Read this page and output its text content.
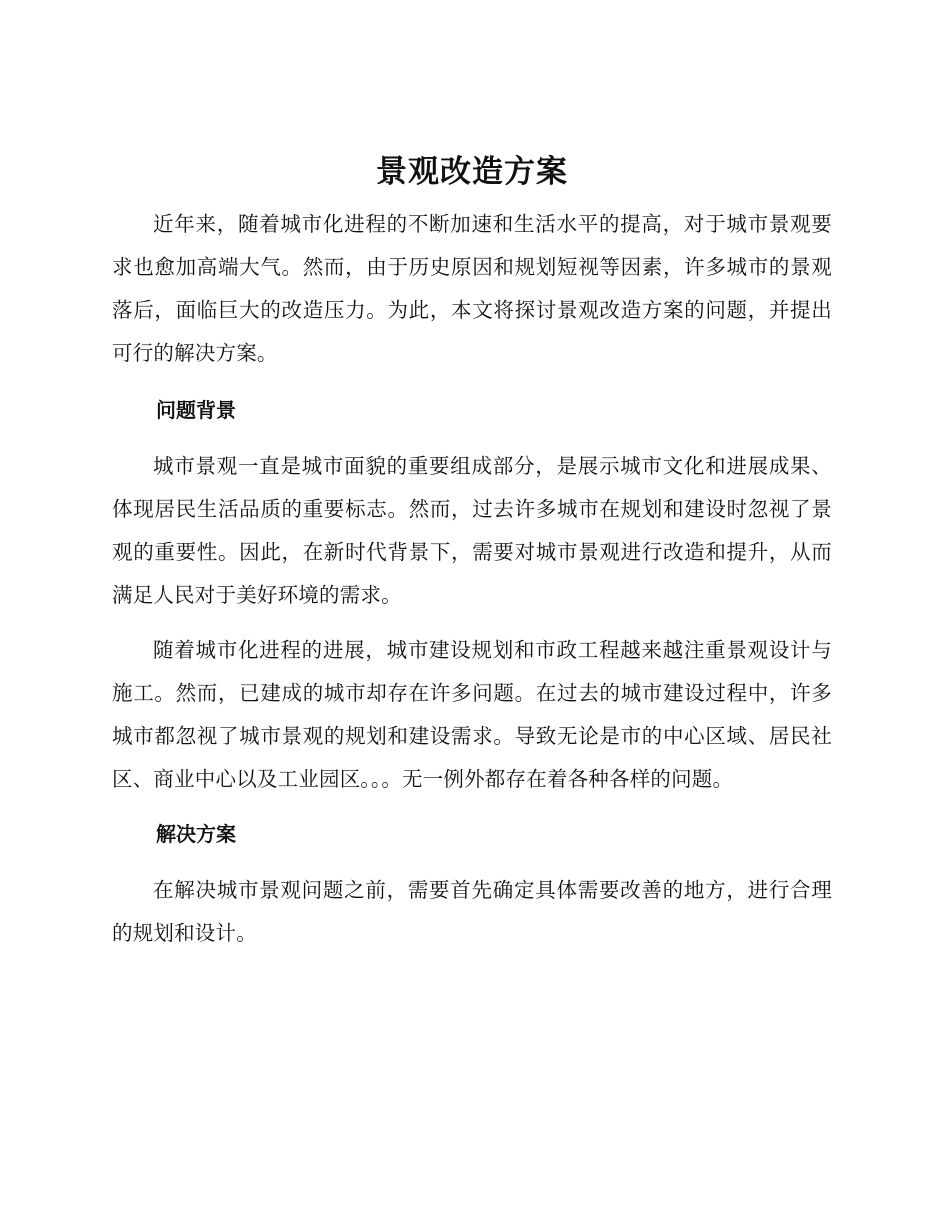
景观改造方案

近年来，随着城市化进程的不断加速和生活水平的提高，对于城市景观要求也愈加高端大气。然而，由于历史原因和规划短视等因素，许多城市的景观落后，面临巨大的改造压力。为此，本文将探讨景观改造方案的问题，并提出可行的解决方案。

问题背景

城市景观一直是城市面貌的重要组成部分，是展示城市文化和进展成果、体现居民生活品质的重要标志。然而，过去许多城市在规划和建设时忽视了景观的重要性。因此，在新时代背景下，需要对城市景观进行改造和提升，从而满足人民对于美好环境的需求。

随着城市化进程的进展，城市建设规划和市政工程越来越注重景观设计与施工。然而，已建成的城市却存在许多问题。在过去的城市建设过程中，许多城市都忽视了城市景观的规划和建设需求。导致无论是市的中心区域、居民社区、商业中心以及工业园区。。。无一例外都存在着各种各样的问题。

解决方案

在解决城市景观问题之前，需要首先确定具体需要改善的地方，进行合理的规划和设计。
